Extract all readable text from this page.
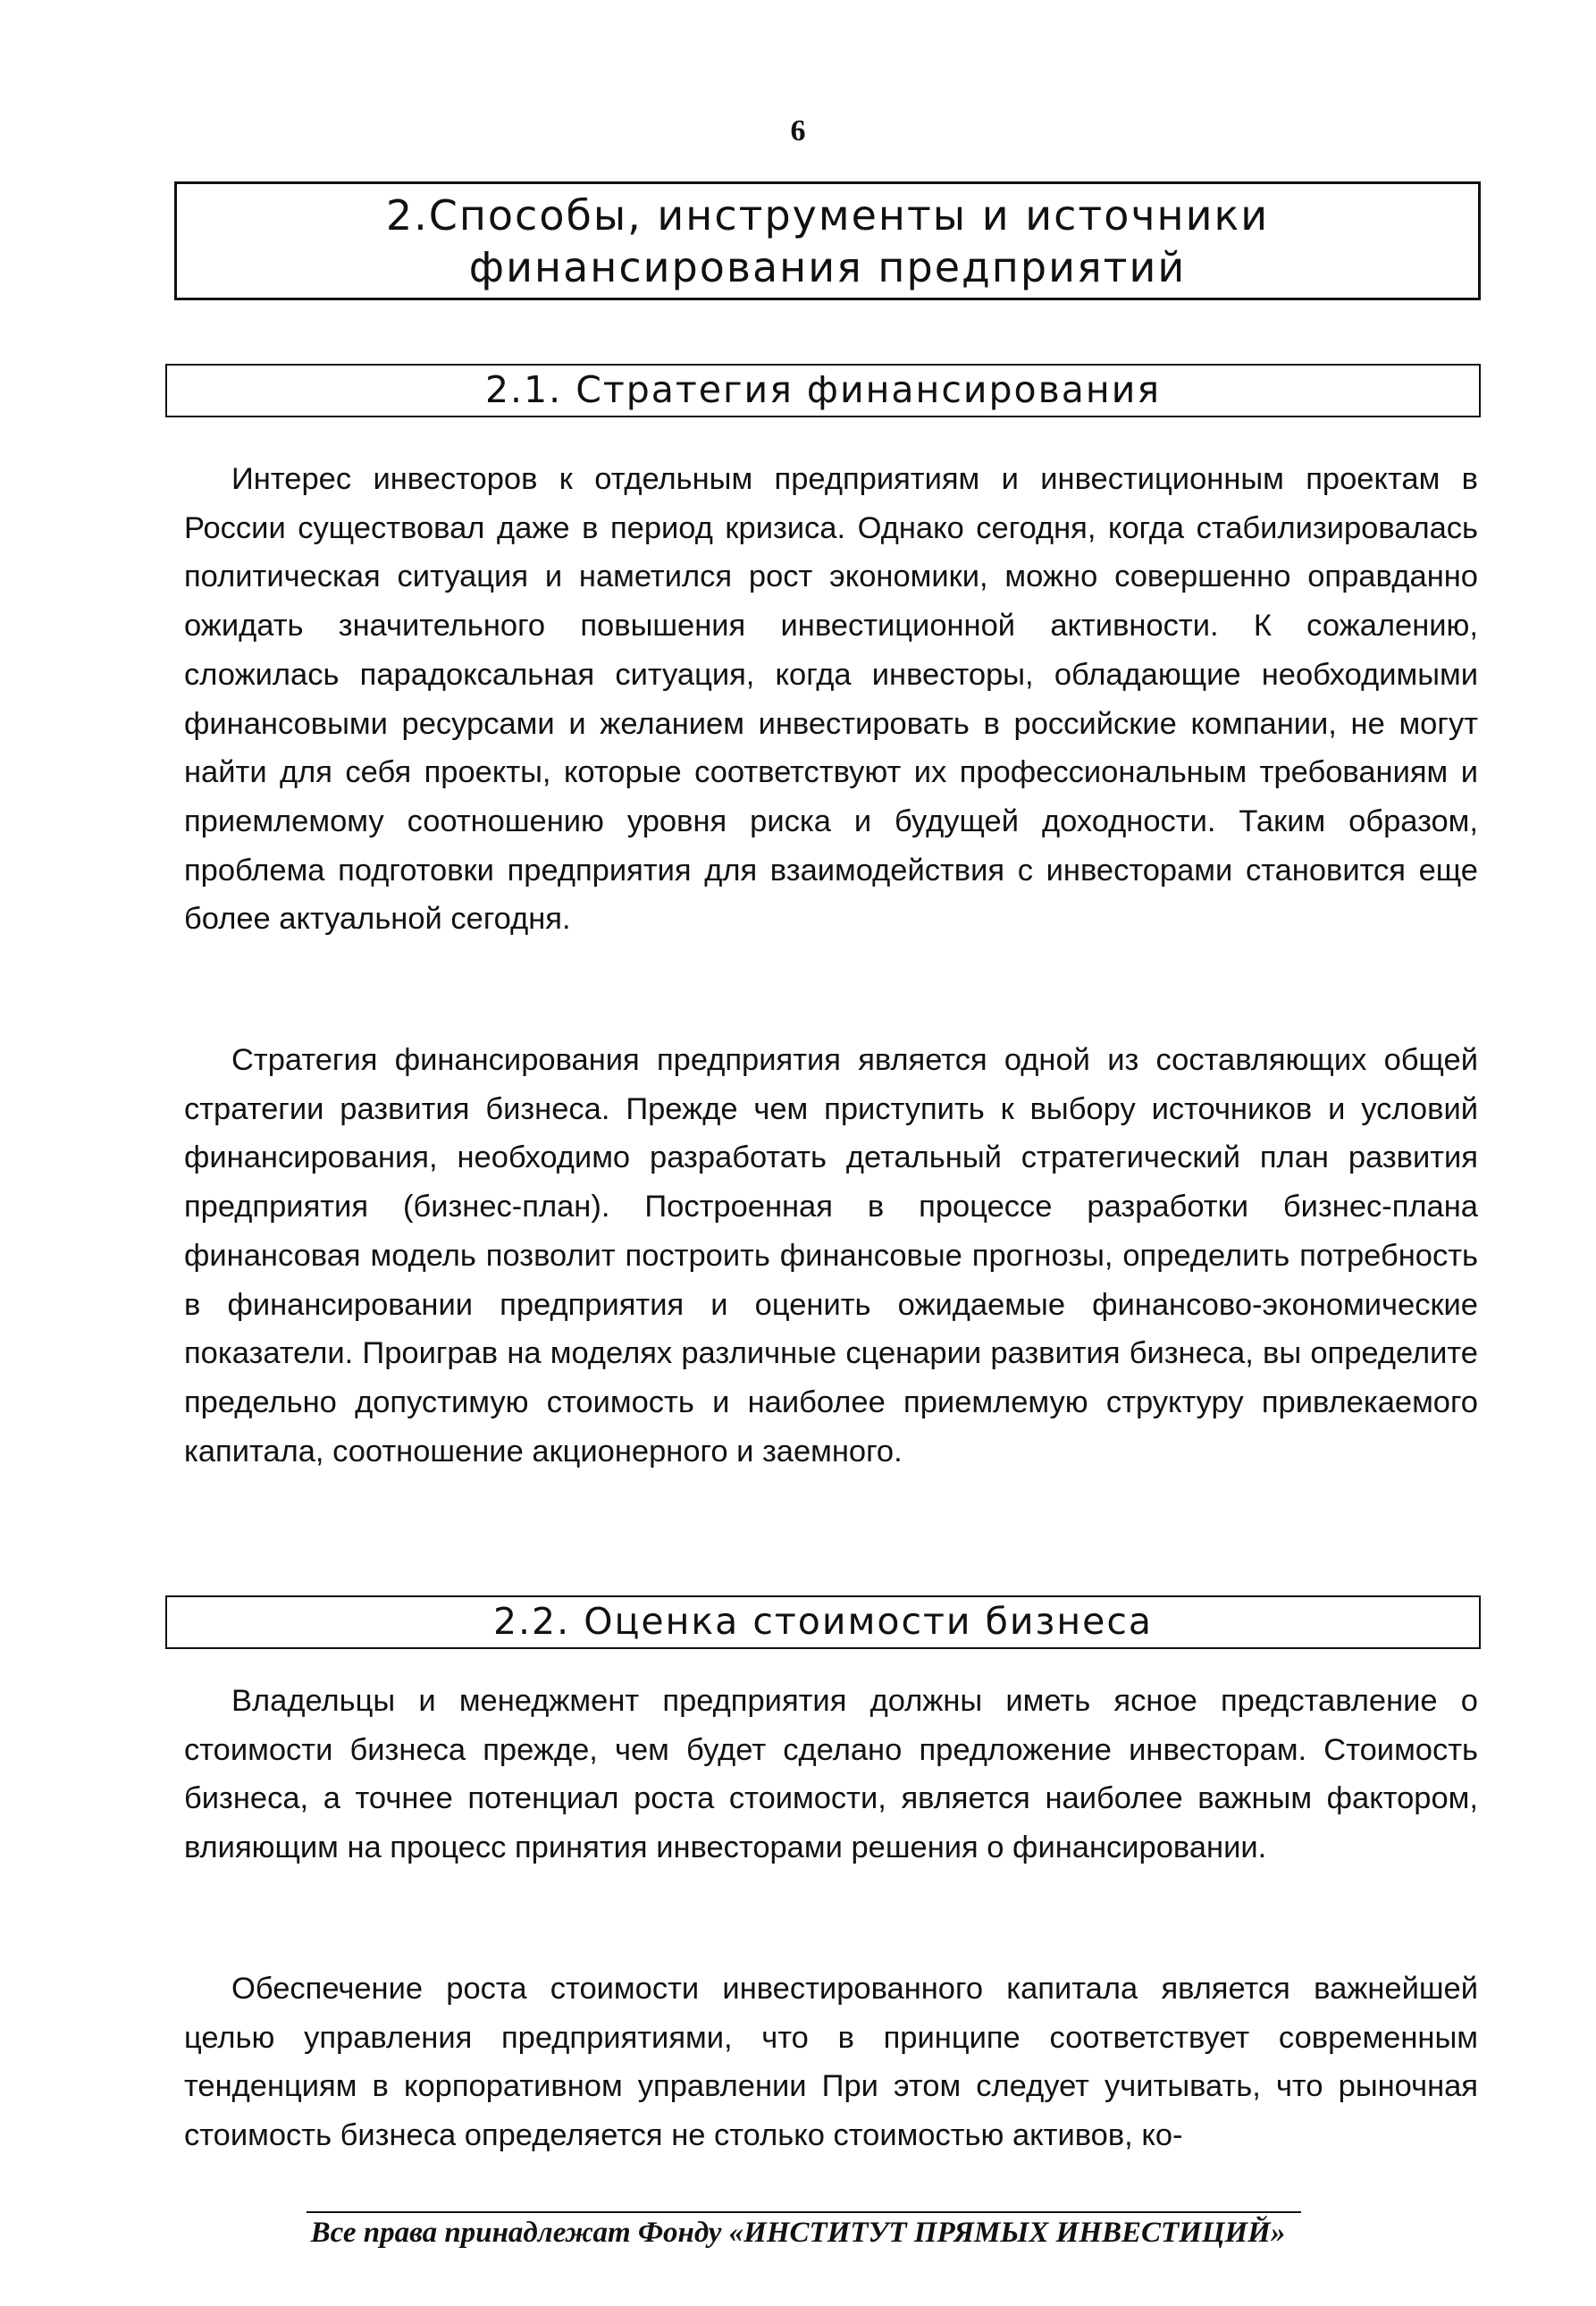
6
2.Способы, инструменты и источники
финансирования предприятий
2.1. Стратегия финансирования

Интерес инвесторов к отдельным предприятиям и инвестиционным проектам в России существовал даже в период кризиса. Однако сегодня, когда стабилизировалась политическая ситуация и наметился рост экономики, можно совершенно оправданно ожидать значительного повышения инвестиционной активности. К сожалению, сложилась парадоксальная ситуация, когда инвесторы, обладающие необходимыми финансовыми ресурсами и желанием инвестировать в российские компании, не могут найти для себя проекты, которые соответствуют их профессиональным требованиям и приемлемому соотношению уровня риска и будущей доходности. Таким образом, проблема подготовки предприятия для взаимодействия с инвесторами становится еще более актуальной сегодня.

Стратегия финансирования предприятия является одной из составляющих общей стратегии развития бизнеса. Прежде чем приступить к выбору источников и условий финансирования, необходимо разработать детальный стратегический план развития предприятия (бизнес-план). Построенная в процессе разработки бизнес-плана финансовая модель позволит построить финансовые прогнозы, определить потребность в финансировании предприятия и оценить ожидаемые финансово-экономические показатели. Проиграв на моделях различные сценарии развития бизнеса, вы определите предельно допустимую стоимость и наиболее приемлемую структуру привлекаемого капитала, соотношение акционерного и заемного.

2.2. Оценка стоимости бизнеса

Владельцы и менеджмент предприятия должны иметь ясное представление о стоимости бизнеса прежде, чем будет сделано предложение инвесторам. Стоимость бизнеса, а точнее потенциал роста стоимости, является наиболее важным фактором, влияющим на процесс принятия инвесторами решения о финансировании.

Обеспечение роста стоимости инвестированного капитала является важнейшей целью управления предприятиями, что в принципе соответствует современным тенденциям в корпоративном управлении При этом следует учитывать, что рыночная стоимость бизнеса определяется не столько стоимостью активов, ко-

Все права принадлежат Фонду «ИНСТИТУТ ПРЯМЫХ ИНВЕСТИЦИЙ»
